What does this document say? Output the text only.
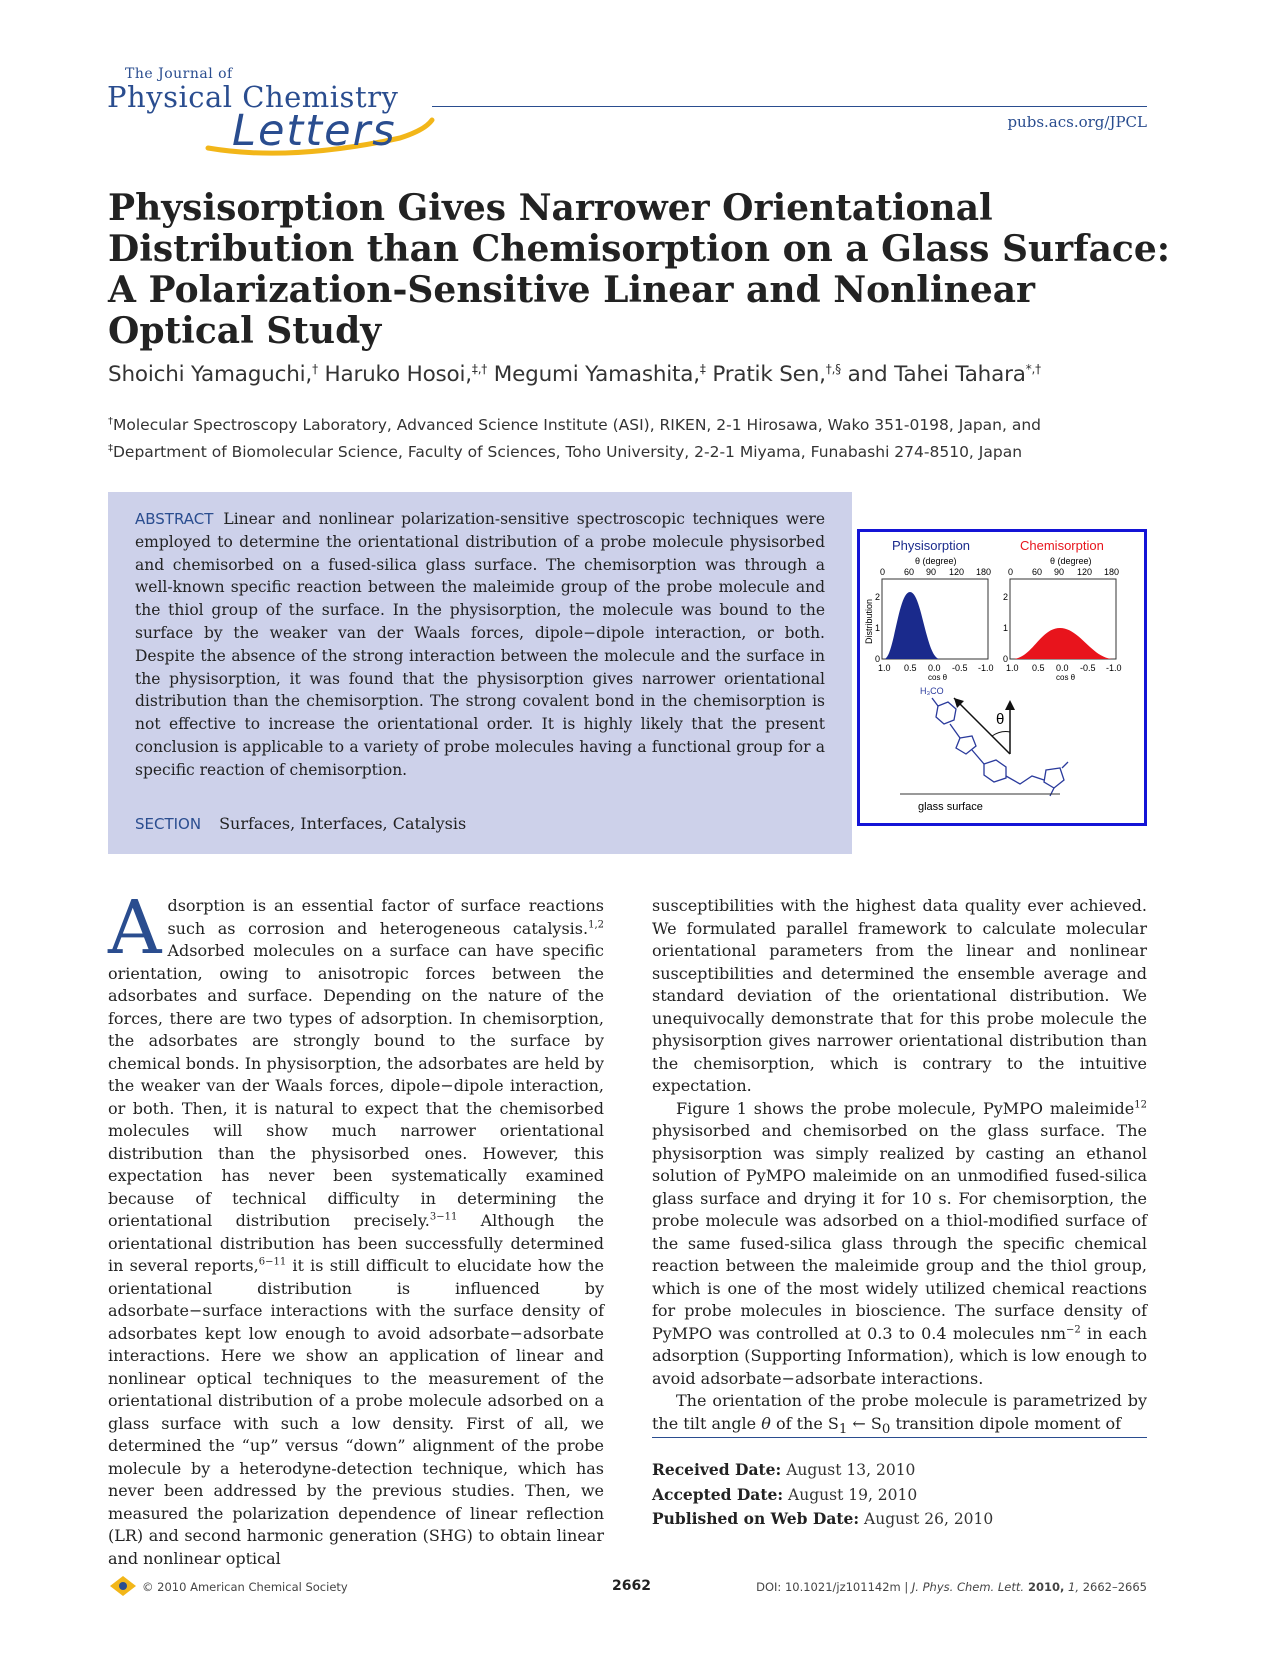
The Journal of
Physical Chemistry
Letters	pubs.acs.org/JPCL
Physisorption Gives Narrower Orientational
Distribution than Chemisorption on a Glass Surface:
A Polarization-Sensitive Linear and Nonlinear
Optical Study
Shoichi Yamaguchi,† Haruko Hosoi,‡,† Megumi Yamashita,‡ Pratik Sen,†,§ and Tahei Tahara*,†
†Molecular Spectroscopy Laboratory, Advanced Science Institute (ASI), RIKEN, 2-1 Hirosawa, Wako 351-0198, Japan, and
‡Department of Biomolecular Science, Faculty of Sciences, Toho University, 2-2-1 Miyama, Funabashi 274-8510, Japan
ABSTRACT Linear and nonlinear polarization-sensitive spectroscopic techniques were employed to determine the orientational distribution of a probe molecule physisorbed and chemisorbed on a fused-silica glass surface. The chemisorption was through a well-known specific reaction between the maleimide group of the probe molecule and the thiol group of the surface. In the physisorption, the molecule was bound to the surface by the weaker van der Waals forces, dipole−dipole interaction, or both. Despite the absence of the strong interaction between the molecule and the surface in the physisorption, it was found that the physisorption gives narrower orientational distribution than the chemisorption. The strong covalent bond in the chemisorption is not effective to increase the orientational order. It is highly likely that the present conclusion is applicable to a variety of probe molecules having a functional group for a specific reaction of chemisorption.
SECTION Surfaces, Interfaces, Catalysis
Physisorption	Chemisorption
θ (degree)	θ (degree)
0 60 90 120 180 0 60 90 120 180
Distribution
0
1
2
0
1
2
1.0 0.5 0.0 -0.5 -1.0 1.0 0.5 0.0 -0.5 -1.0
cos θ	cos θ
H₃CO
θ
glass surface

Adsorption is an essential factor of surface reactions such as corrosion and heterogeneous catalysis.$^{1,2}$ Adsorbed molecules on a surface can have specific orientation, owing to anisotropic forces between the adsorbates and surface. Depending on the nature of the forces, there are two types of adsorption. In chemisorption, the adsorbates are strongly bound to the surface by chemical bonds. In physisorption, the adsorbates are held by the weaker van der Waals forces, dipole−dipole interaction, or both. Then, it is natural to expect that the chemisorbed molecules will show much narrower orientational distribution than the physisorbed ones. However, this expectation has never been systematically examined because of technical difficulty in determining the orientational distribution precisely.$^{3-11}$ Although the orientational distribution has been successfully determined in several reports,$^{6-11}$ it is still difficult to elucidate how the orientational distribution is influenced by adsorbate−surface interactions with the surface density of adsorbates kept low enough to avoid adsorbate−adsorbate interactions. Here we show an application of linear and nonlinear optical techniques to the measurement of the orientational distribution of a probe molecule adsorbed on a glass surface with such a low density. First of all, we determined the “up” versus “down” alignment of the probe molecule by a heterodyne-detection technique, which has never been addressed by the previous studies. Then, we measured the polarization dependence of linear reflection (LR) and second harmonic generation (SHG) to obtain linear and nonlinear optical

susceptibilities with the highest data quality ever achieved. We formulated parallel framework to calculate molecular orientational parameters from the linear and nonlinear susceptibilities and determined the ensemble average and standard deviation of the orientational distribution. We unequivocally demonstrate that for this probe molecule the physisorption gives narrower orientational distribution than the chemisorption, which is contrary to the intuitive expectation.

Figure 1 shows the probe molecule, PyMPO maleimide$^{12}$ physisorbed and chemisorbed on the glass surface. The physisorption was simply realized by casting an ethanol solution of PyMPO maleimide on an unmodified fused-silica glass surface and drying it for 10 s. For chemisorption, the probe molecule was adsorbed on a thiol-modified surface of the same fused-silica glass through the specific chemical reaction between the maleimide group and the thiol group, which is one of the most widely utilized chemical reactions for probe molecules in bioscience. The surface density of PyMPO was controlled at 0.3 to 0.4 molecules $nm^{-2}$ in each adsorption (Supporting Information), which is low enough to avoid adsorbate−adsorbate interactions.

The orientation of the probe molecule is parametrized by the tilt angle θ of the $S_1$ ← $S_0$ transition dipole moment of

Received Date: August 13, 2010
Accepted Date: August 19, 2010
Published on Web Date: August 26, 2010
© 2010 American Chemical Society	2662	DOI: 10.1021/jz101142m | J. Phys. Chem. Lett. 2010, 1, 2662–2665
